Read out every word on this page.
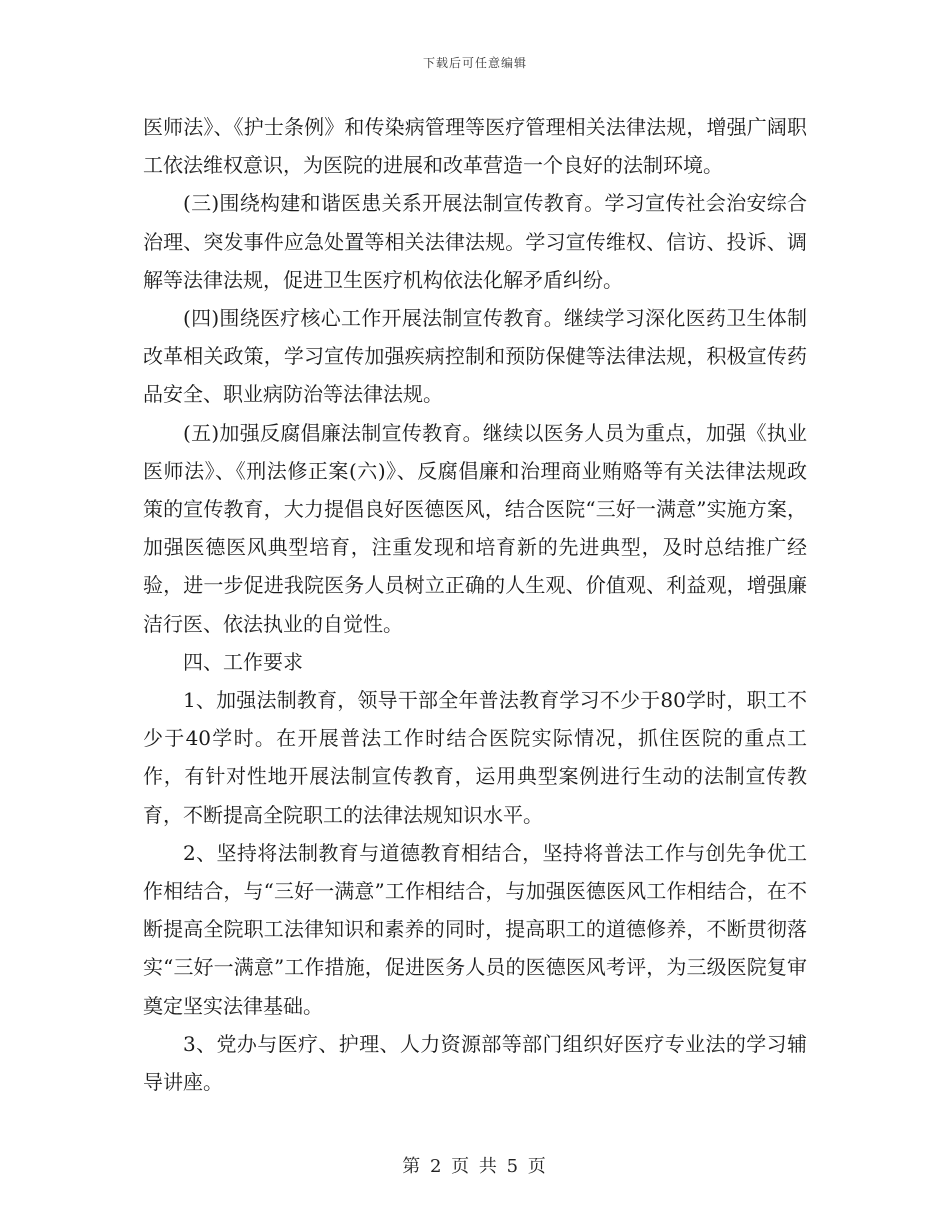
下载后可任意编辑

医师法》、《护士条例》和传染病管理等医疗管理相关法律法规，增强广阔职工依法维权意识，为医院的进展和改革营造一个良好的法制环境。

(三)围绕构建和谐医患关系开展法制宣传教育。学习宣传社会治安综合治理、突发事件应急处置等相关法律法规。学习宣传维权、信访、投诉、调解等法律法规，促进卫生医疗机构依法化解矛盾纠纷。

(四)围绕医疗核心工作开展法制宣传教育。继续学习深化医药卫生体制改革相关政策，学习宣传加强疾病控制和预防保健等法律法规，积极宣传药品安全、职业病防治等法律法规。

(五)加强反腐倡廉法制宣传教育。继续以医务人员为重点，加强《执业医师法》、《刑法修正案(六)》、反腐倡廉和治理商业贿赂等有关法律法规政策的宣传教育，大力提倡良好医德医风，结合医院“三好一满意”实施方案，加强医德医风典型培育，注重发现和培育新的先进典型，及时总结推广经验，进一步促进我院医务人员树立正确的人生观、价值观、利益观，增强廉洁行医、依法执业的自觉性。

四、工作要求

1、加强法制教育，领导干部全年普法教育学习不少于80学时，职工不少于40学时。在开展普法工作时结合医院实际情况，抓住医院的重点工作，有针对性地开展法制宣传教育，运用典型案例进行生动的法制宣传教育，不断提高全院职工的法律法规知识水平。

2、坚持将法制教育与道德教育相结合，坚持将普法工作与创先争优工作相结合，与“三好一满意”工作相结合，与加强医德医风工作相结合，在不断提高全院职工法律知识和素养的同时，提高职工的道德修养，不断贯彻落实“三好一满意”工作措施，促进医务人员的医德医风考评，为三级医院复审奠定坚实法律基础。

3、党办与医疗、护理、人力资源部等部门组织好医疗专业法的学习辅导讲座。

第 2 页 共 5 页
